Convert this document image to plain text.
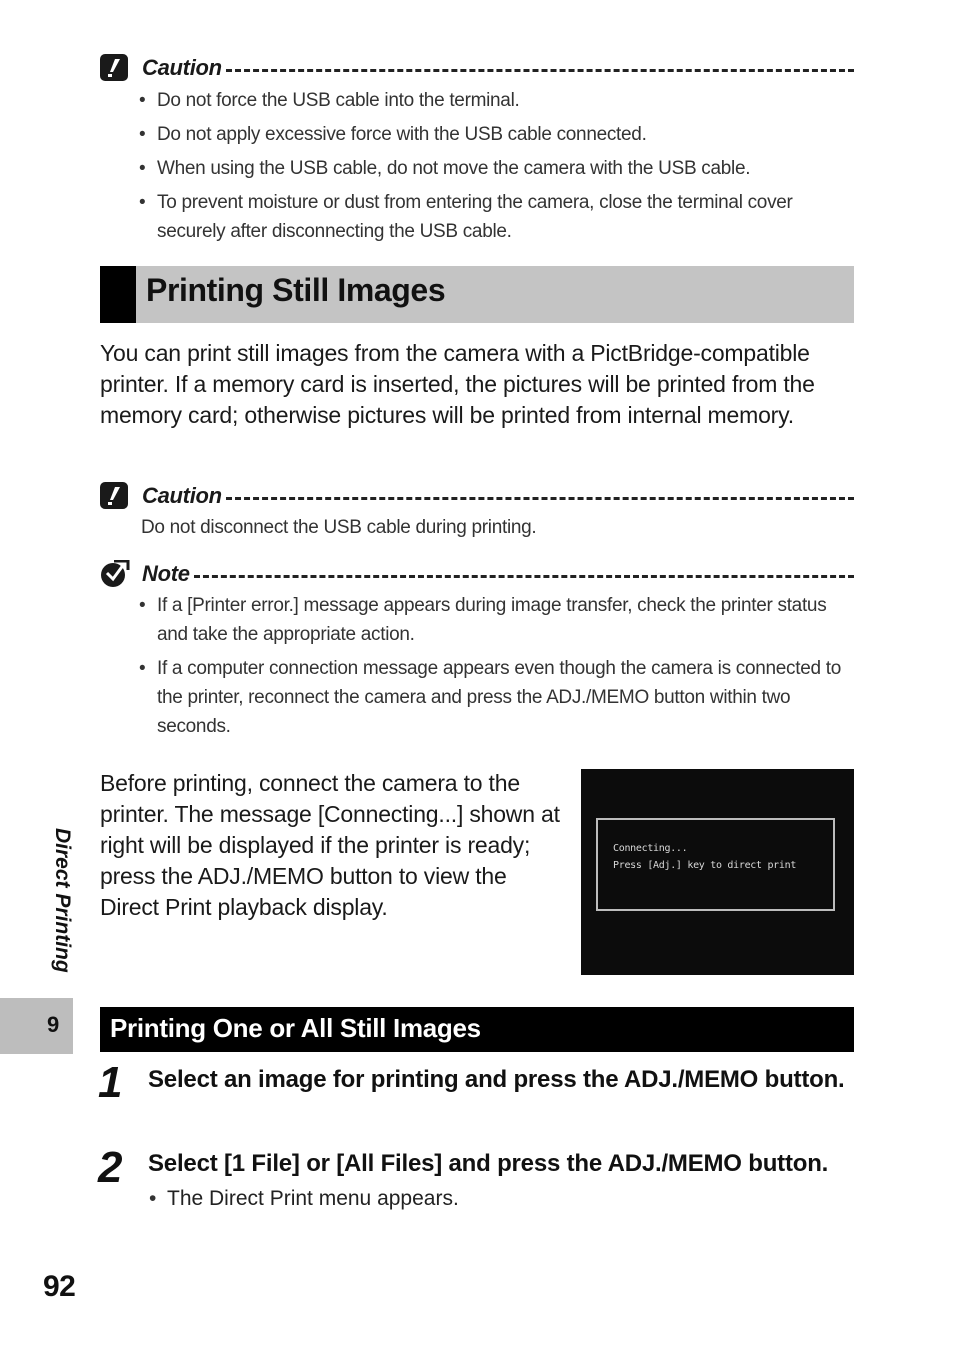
Caution
• Do not force the USB cable into the terminal.
• Do not apply excessive force with the USB cable connected.
• When using the USB cable, do not move the camera with the USB cable.
• To prevent moisture or dust from entering the camera, close the terminal cover securely after disconnecting the USB cable.
Printing Still Images
You can print still images from the camera with a PictBridge-compatible printer. If a memory card is inserted, the pictures will be printed from the memory card; otherwise pictures will be printed from internal memory.
Caution
Do not disconnect the USB cable during printing.
Note
• If a [Printer error.] message appears during image transfer, check the printer status and take the appropriate action.
• If a computer connection message appears even though the camera is connected to the printer, reconnect the camera and press the ADJ./MEMO button within two seconds.
Before printing, connect the camera to the printer. The message [Connecting...] shown at right will be displayed if the printer is ready; press the ADJ./MEMO button to view the Direct Print playback display.
Connecting...
Press [Adj.] key to direct print
Printing One or All Still Images
1 Select an image for printing and press the ADJ./MEMO button.
2 Select [1 File] or [All Files] and press the ADJ./MEMO button.
• The Direct Print menu appears.
Direct Printing
9
92
